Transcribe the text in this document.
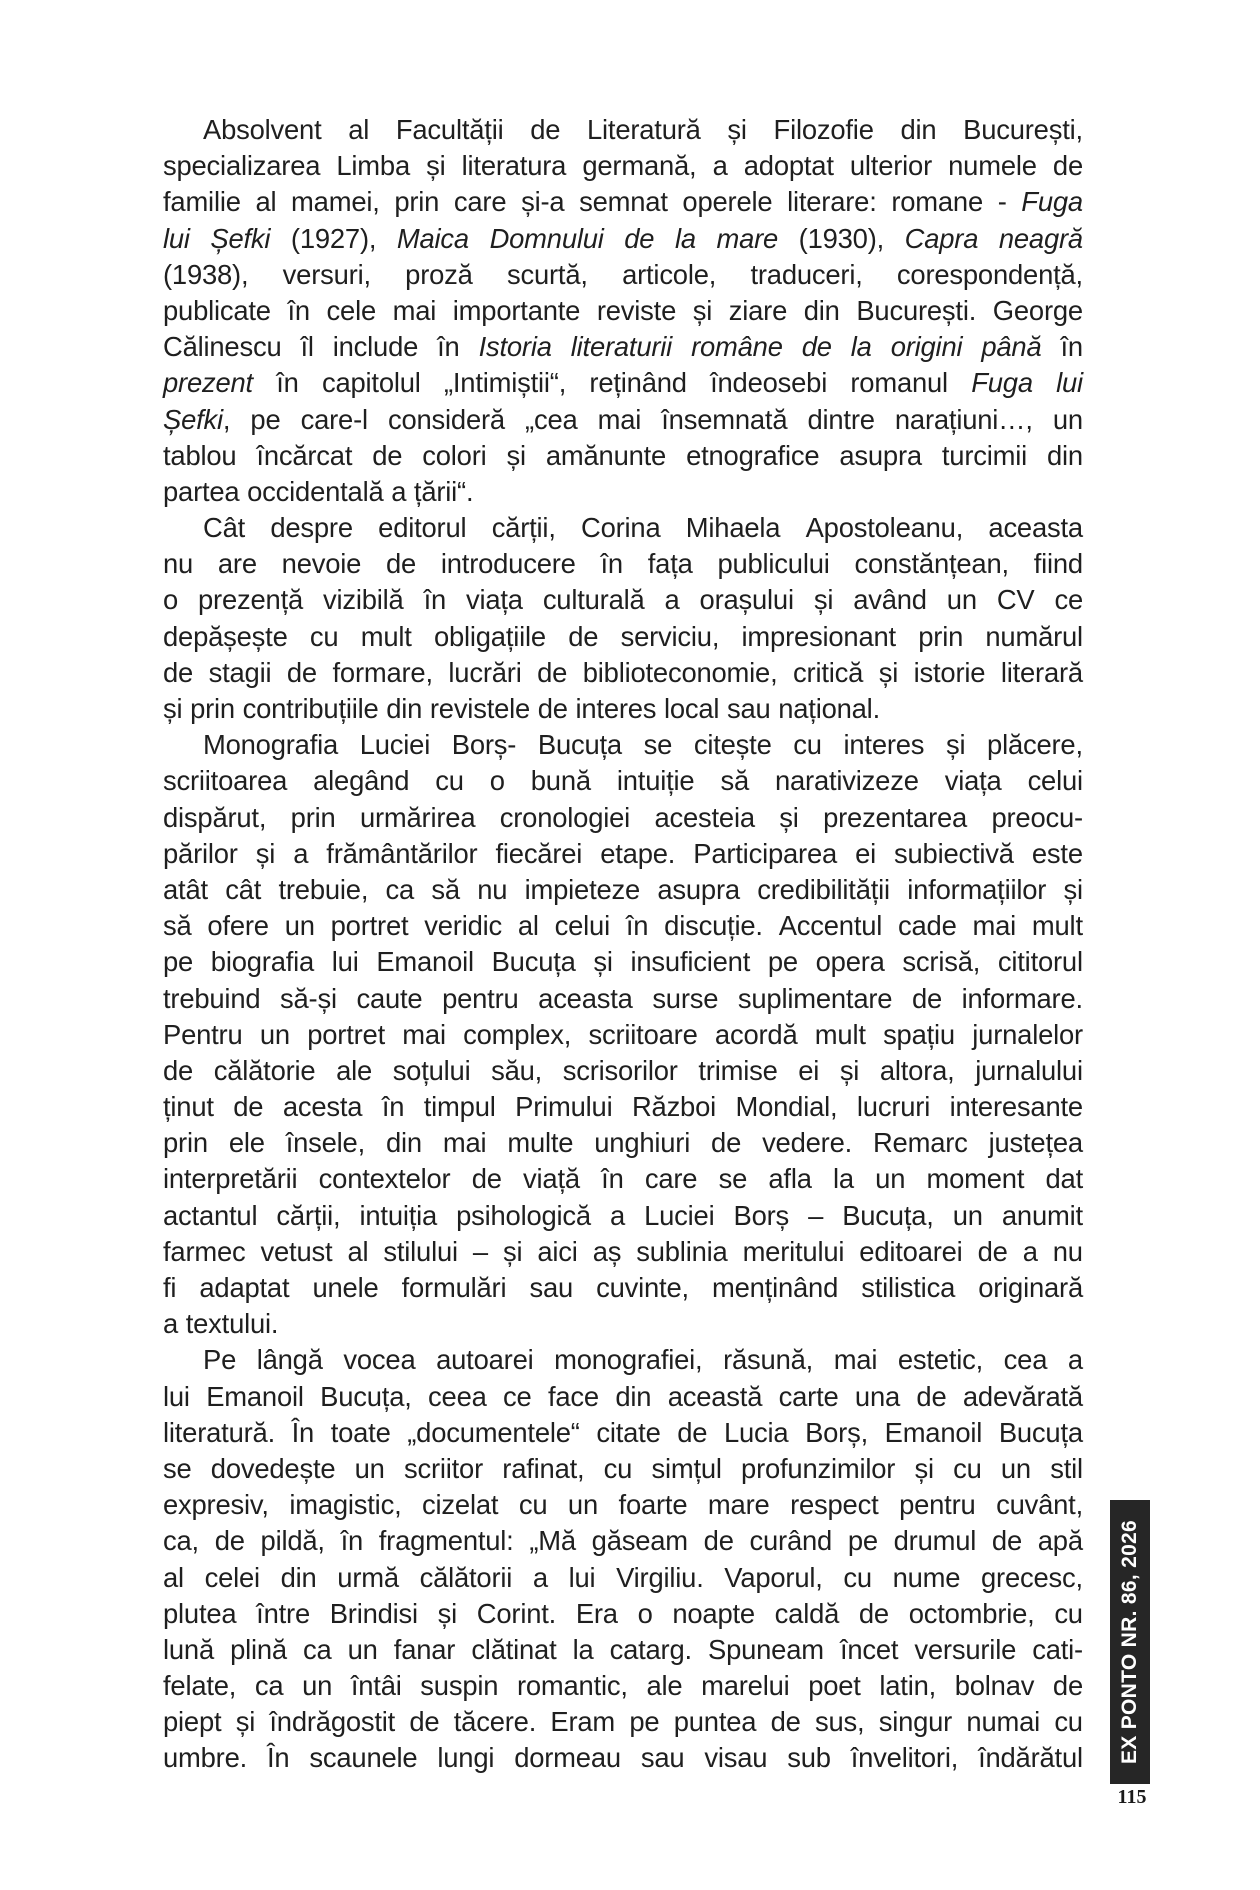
Absolvent al Facultății de Literatură și Filozofie din București,
specializarea Limba și literatura germană, a adoptat ulterior numele de
familie al mamei, prin care și-a semnat operele literare: romane - Fuga
lui Șefki (1927), Maica Domnului de la mare (1930), Capra neagră
(1938), versuri, proză scurtă, articole, traduceri, corespondență,
publicate în cele mai importante reviste și ziare din București. George
Călinescu îl include în Istoria literaturii române de la origini până în
prezent în capitolul „Intimiștii“, reținând îndeosebi romanul Fuga lui
Șefki, pe care-l consideră „cea mai însemnată dintre narațiuni…, un
tablou încărcat de colori și amănunte etnografice asupra turcimii din
partea occidentală a țării“.
Cât despre editorul cărții, Corina Mihaela Apostoleanu, aceasta
nu are nevoie de introducere în fața publicului constănțean, fiind
o prezență vizibilă în viața culturală a orașului și având un CV ce
depășește cu mult obligațiile de serviciu, impresionant prin numărul
de stagii de formare, lucrări de biblioteconomie, critică și istorie literară
și prin contribuțiile din revistele de interes local sau național.
Monografia Luciei Borș- Bucuța se citește cu interes și plăcere,
scriitoarea alegând cu o bună intuiție să narativizeze viața celui
dispărut, prin urmărirea cronologiei acesteia și prezentarea preocu-
părilor și a frământărilor fiecărei etape. Participarea ei subiectivă este
atât cât trebuie, ca să nu impieteze asupra credibilității informațiilor și
să ofere un portret veridic al celui în discuție. Accentul cade mai mult
pe biografia lui Emanoil Bucuța și insuficient pe opera scrisă, cititorul
trebuind să-și caute pentru aceasta surse suplimentare de informare.
Pentru un portret mai complex, scriitoare acordă mult spațiu jurnalelor
de călătorie ale soțului său, scrisorilor trimise ei și altora, jurnalului
ținut de acesta în timpul Primului Război Mondial, lucruri interesante
prin ele însele, din mai multe unghiuri de vedere. Remarc justețea
interpretării contextelor de viață în care se afla la un moment dat
actantul cărții, intuiția psihologică a Luciei Borș – Bucuța, un anumit
farmec vetust al stilului – și aici aș sublinia meritului editoarei de a nu
fi adaptat unele formulări sau cuvinte, menținând stilistica originară
a textului.
Pe lângă vocea autoarei monografiei, răsună, mai estetic, cea a
lui Emanoil Bucuța, ceea ce face din această carte una de adevărată
literatură. În toate „documentele“ citate de Lucia Borș, Emanoil Bucuța
se dovedește un scriitor rafinat, cu simțul profunzimilor și cu un stil
expresiv, imagistic, cizelat cu un foarte mare respect pentru cuvânt,
ca, de pildă, în fragmentul: „Mă găseam de curând pe drumul de apă
al celei din urmă călătorii a lui Virgiliu. Vaporul, cu nume grecesc,
plutea între Brindisi și Corint. Era o noapte caldă de octombrie, cu
lună plină ca un fanar clătinat la catarg. Spuneam încet versurile cati-
felate, ca un întâi suspin romantic, ale marelui poet latin, bolnav de
piept și îndrăgostit de tăcere. Eram pe puntea de sus, singur numai cu
umbre. În scaunele lungi dormeau sau visau sub învelitori, îndărătul EX PONTO NR. 86, 2026
115
